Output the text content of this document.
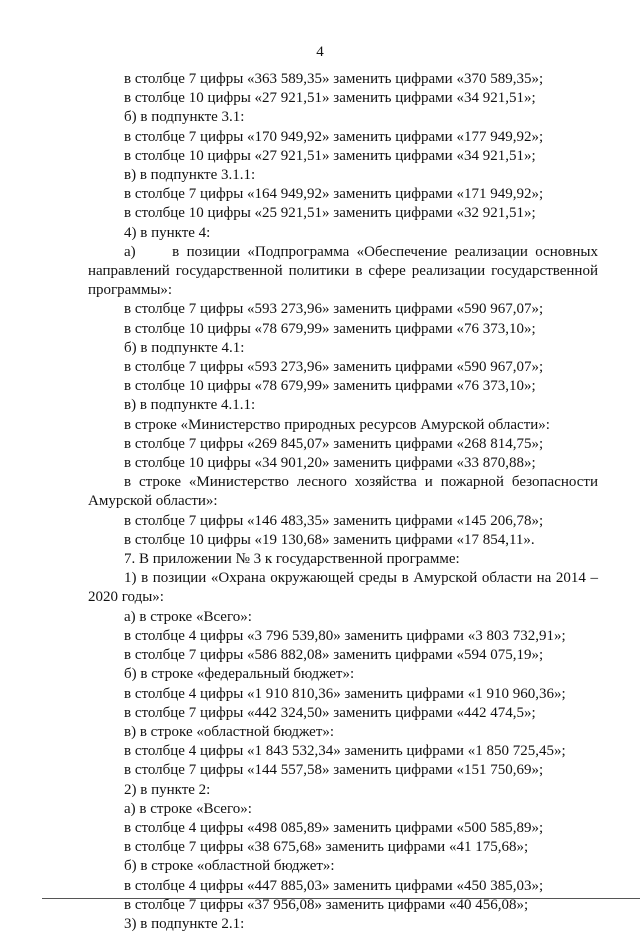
4

в столбце 7 цифры «363 589,35» заменить цифрами «370 589,35»;

в столбце 10 цифры «27 921,51» заменить цифрами «34 921,51»;

б) в подпункте 3.1:

в столбце 7 цифры «170 949,92» заменить цифрами «177 949,92»;

в столбце 10 цифры «27 921,51» заменить цифрами «34 921,51»;

в) в подпункте 3.1.1:

в столбце 7 цифры «164 949,92» заменить цифрами «171 949,92»;

в столбце 10 цифры «25 921,51» заменить цифрами «32 921,51»;

4) в пункте 4:

а)     в позиции «Подпрограмма «Обеспечение реализации основных направлений государственной политики в сфере реализации государственной программы»:

в столбце 7 цифры «593 273,96» заменить цифрами «590 967,07»;

в столбце 10 цифры «78 679,99» заменить цифрами «76 373,10»;

б) в подпункте 4.1:

в столбце 7 цифры «593 273,96» заменить цифрами «590 967,07»;

в столбце 10 цифры «78 679,99» заменить цифрами «76 373,10»;

в) в подпункте 4.1.1:

в строке «Министерство природных ресурсов Амурской области»:

в столбце 7 цифры «269 845,07» заменить цифрами «268 814,75»;

в столбце 10 цифры «34 901,20» заменить цифрами «33 870,88»;

в строке «Министерство лесного хозяйства и пожарной безопасности Амурской области»:

в столбце 7 цифры «146 483,35» заменить цифрами «145 206,78»;

в столбце 10 цифры «19 130,68» заменить цифрами «17 854,11».

7. В приложении № 3 к государственной программе:

1) в позиции «Охрана окружающей среды в Амурской области на 2014 – 2020 годы»:

а) в строке «Всего»:

в столбце 4 цифры «3 796 539,80» заменить цифрами «3 803 732,91»;

в столбце 7 цифры «586 882,08» заменить цифрами «594 075,19»;

б) в строке «федеральный бюджет»:

в столбце 4 цифры «1 910 810,36» заменить цифрами «1 910 960,36»;

в столбце 7 цифры «442 324,50» заменить цифрами «442 474,5»;

в) в строке «областной бюджет»:

в столбце 4 цифры «1 843 532,34» заменить цифрами «1 850 725,45»;

в столбце 7 цифры «144 557,58» заменить цифрами «151 750,69»;

2) в пункте 2:

а) в строке «Всего»:

в столбце 4 цифры «498 085,89» заменить цифрами «500 585,89»;

в столбце 7 цифры «38 675,68» заменить цифрами «41 175,68»;

б) в строке «областной бюджет»:

в столбце 4 цифры «447 885,03» заменить цифрами «450 385,03»;

в столбце 7 цифры «37 956,08» заменить цифрами «40 456,08»;

3) в подпункте 2.1:
